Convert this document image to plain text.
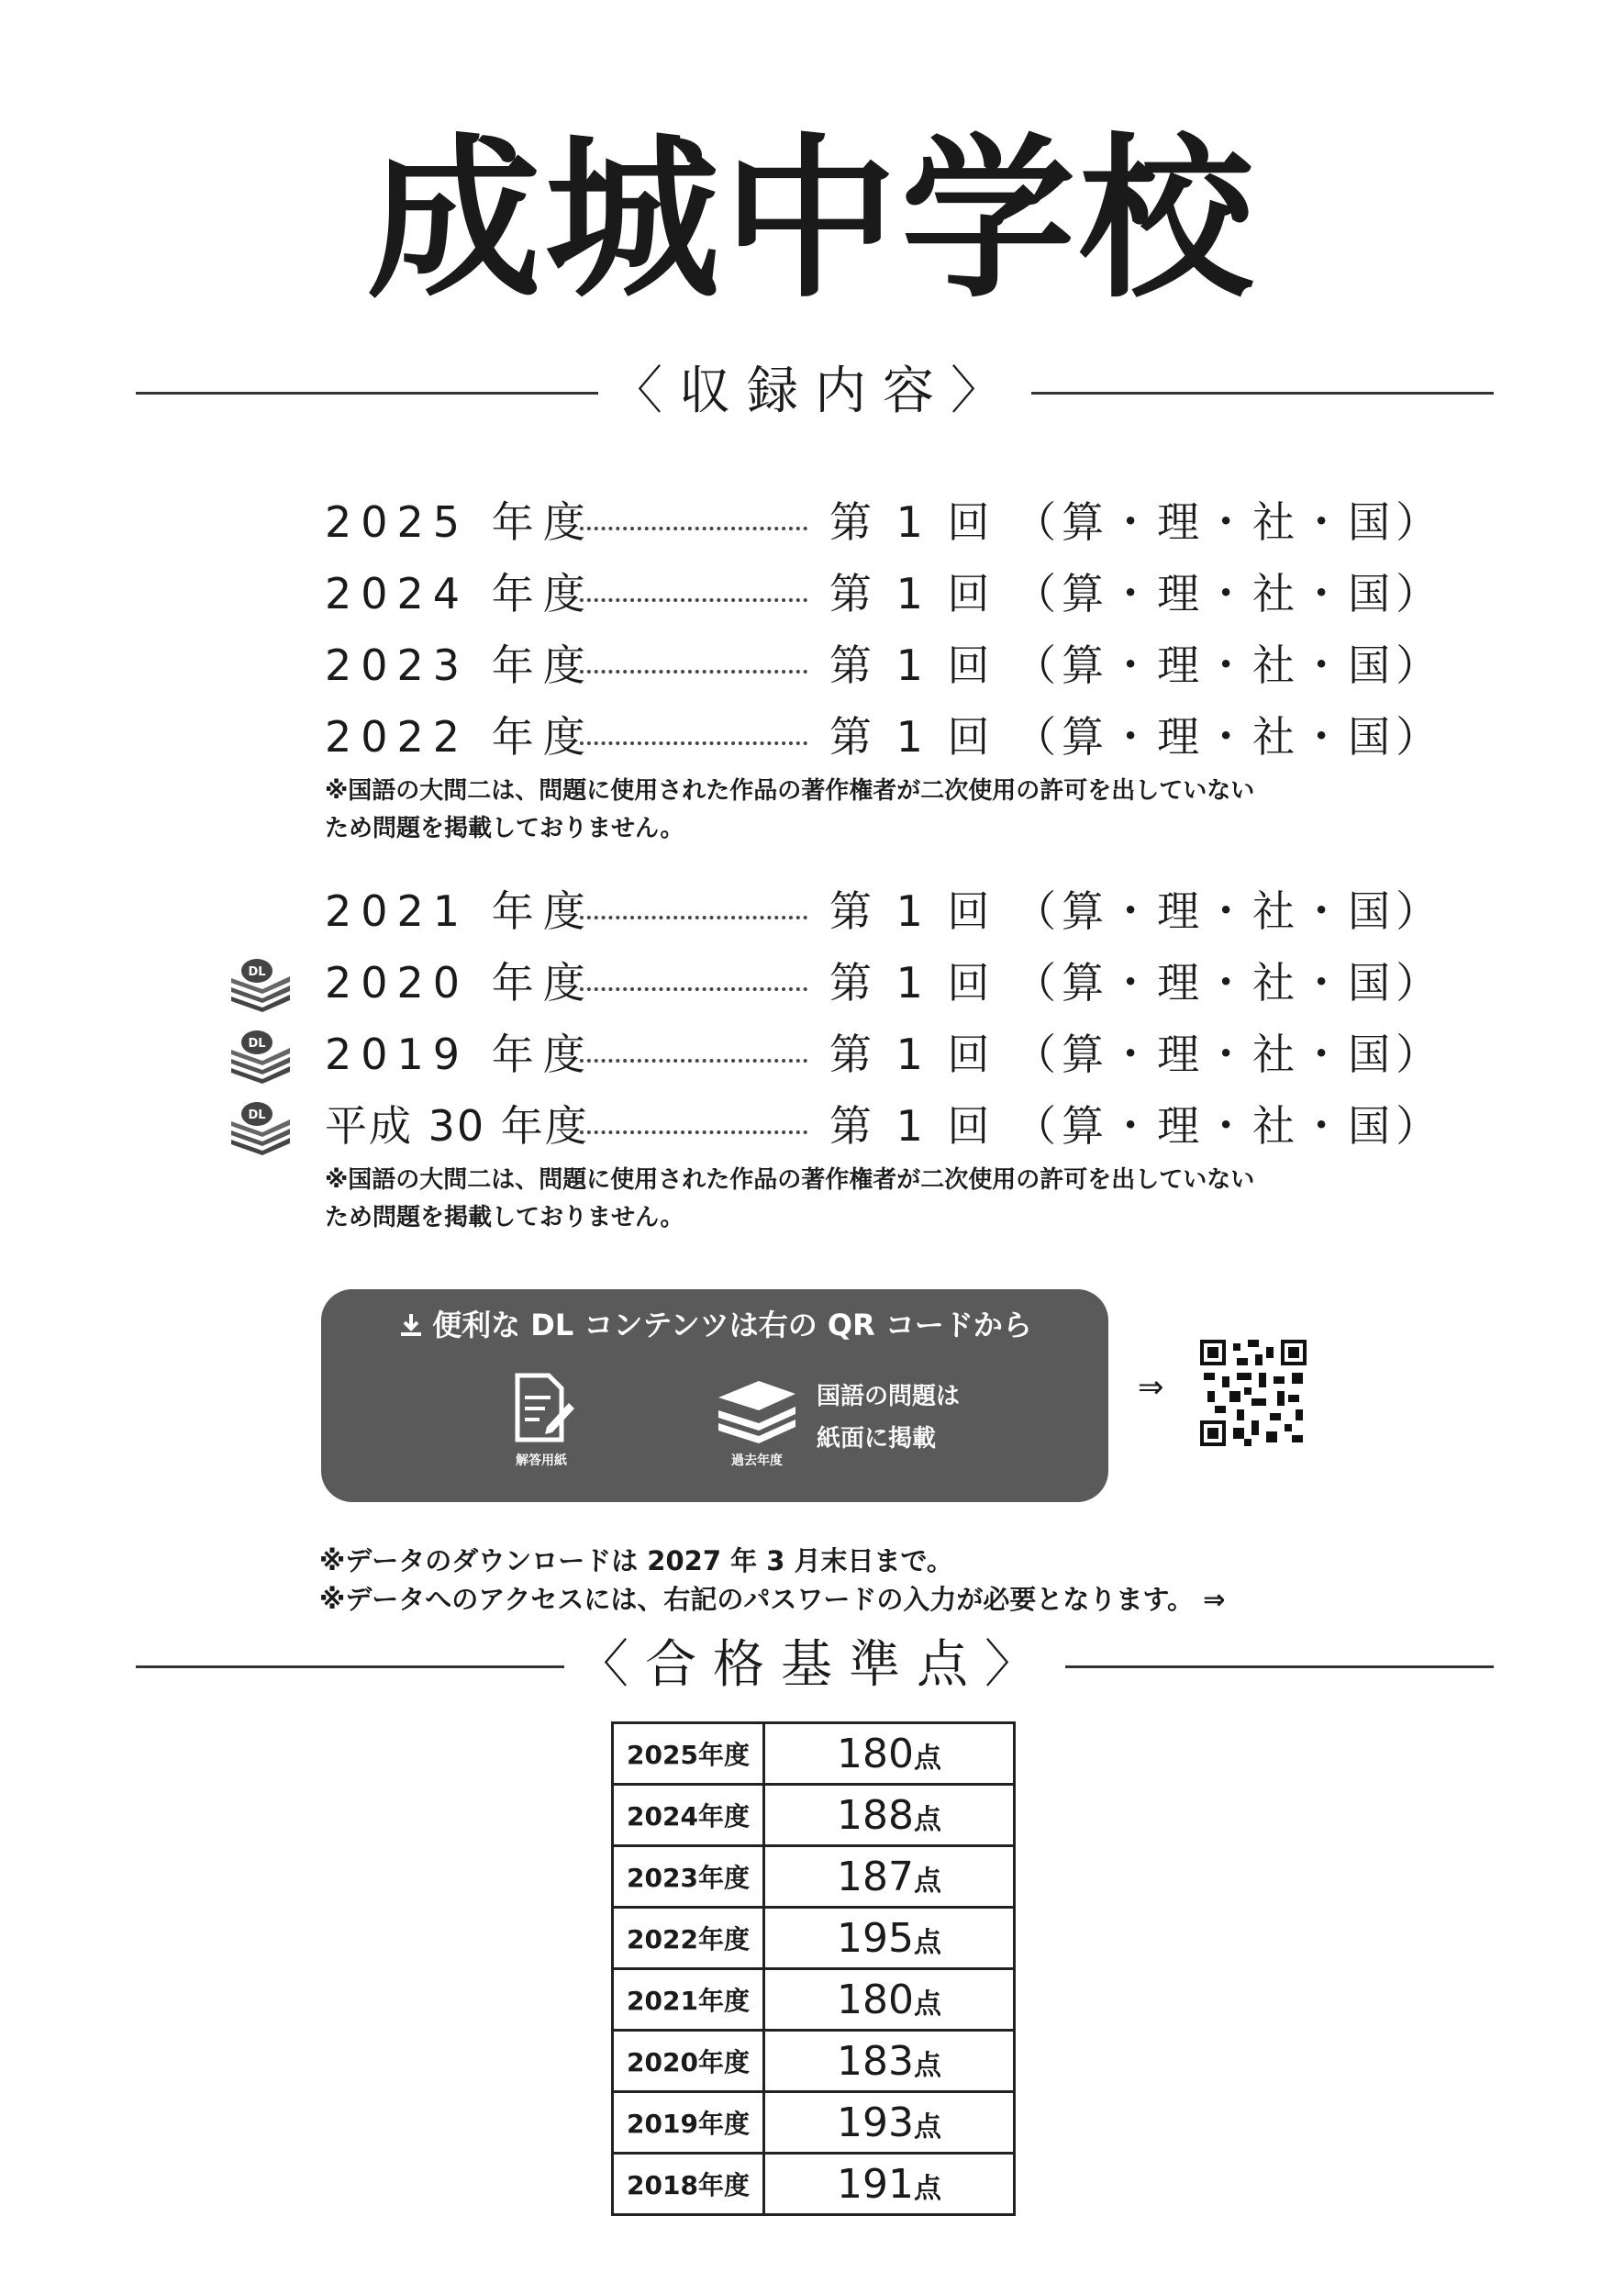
成城中学校
〈収録内容〉
2025 年度	第 1 回 （算・理・社・国）
2024 年度	第 1 回 （算・理・社・国）
2023 年度	第 1 回 （算・理・社・国）
2022 年度	第 1 回 （算・理・社・国）
※国語の大問二は、問題に使用された作品の著作権者が二次使用の許可を出していない
ため問題を掲載しておりません。
2021 年度	第 1 回 （算・理・社・国）
DL 2020 年度	第 1 回 （算・理・社・国）
DL 2019 年度	第 1 回 （算・理・社・国）
DL 平成 30 年度	第 1 回 （算・理・社・国）
※国語の大問二は、問題に使用された作品の著作権者が二次使用の許可を出していない
ため問題を掲載しておりません。
便利な DL コンテンツは右の QR コードから
解答用紙	過去年度
国語の問題は
紙面に掲載
⇒
※データのダウンロードは 2027 年 3 月末日まで。
※データへのアクセスには、右記のパスワードの入力が必要となります。 ⇒
〈合格基準点〉
2025年度	180点
2024年度	188点
2023年度	187点
2022年度	195点
2021年度	180点
2020年度	183点
2019年度	193点
2018年度	191点
